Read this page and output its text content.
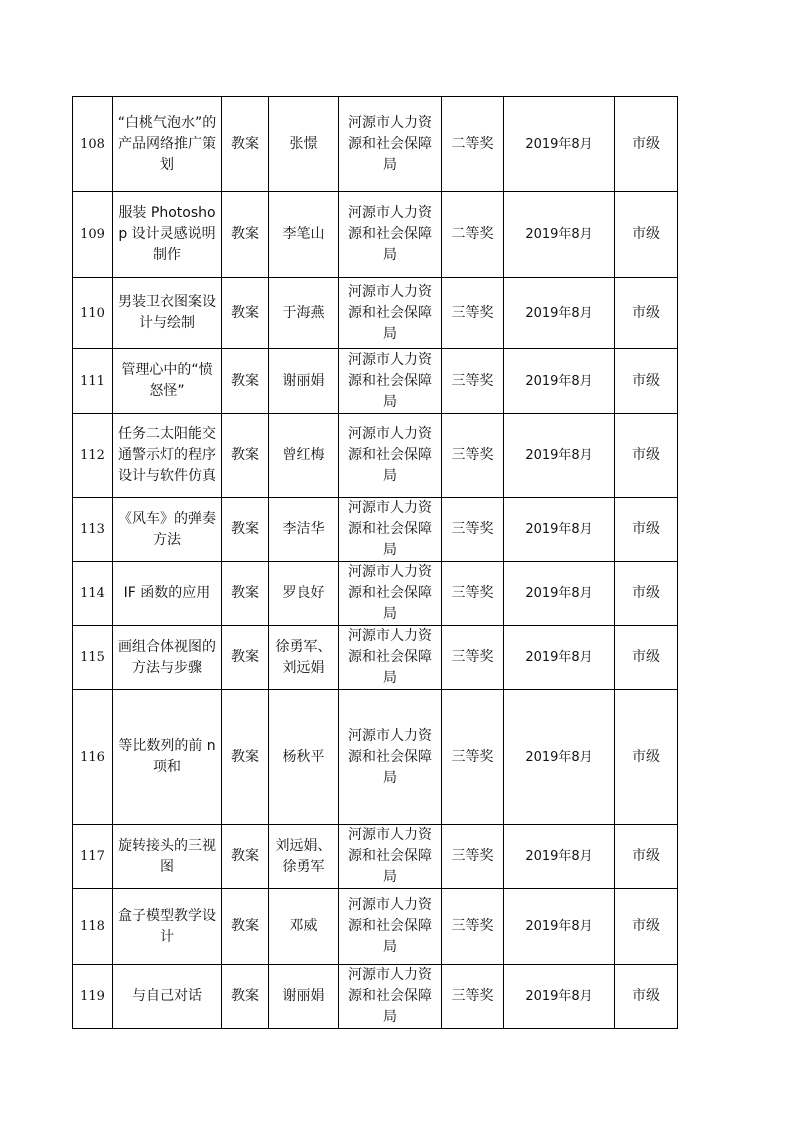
108	“白桃气泡水”的产品网络推广策划	教案	张憬	河源市人力资源和社会保障局	二等奖	2019年8月	市级
109	服装 Photoshop 设计灵感说明制作	教案	李笔山	河源市人力资源和社会保障局	二等奖	2019年8月	市级
110	男装卫衣图案设计与绘制	教案	于海燕	河源市人力资源和社会保障局	三等奖	2019年8月	市级
111	管理心中的“愤怒怪”	教案	谢丽娟	河源市人力资源和社会保障局	三等奖	2019年8月	市级
112	任务二太阳能交通警示灯的程序设计与软件仿真	教案	曾红梅	河源市人力资源和社会保障局	三等奖	2019年8月	市级
113	《风车》的弹奏方法	教案	李洁华	河源市人力资源和社会保障局	三等奖	2019年8月	市级
114	IF 函数的应用	教案	罗良好	河源市人力资源和社会保障局	三等奖	2019年8月	市级
115	画组合体视图的方法与步骤	教案	徐勇军、刘远娟	河源市人力资源和社会保障局	三等奖	2019年8月	市级
116	等比数列的前 n 项和	教案	杨秋平	河源市人力资源和社会保障局	三等奖	2019年8月	市级
117	旋转接头的三视图	教案	刘远娟、徐勇军	河源市人力资源和社会保障局	三等奖	2019年8月	市级
118	盒子模型教学设计	教案	邓威	河源市人力资源和社会保障局	三等奖	2019年8月	市级
119	与自己对话	教案	谢丽娟	河源市人力资源和社会保障局	三等奖	2019年8月	市级
